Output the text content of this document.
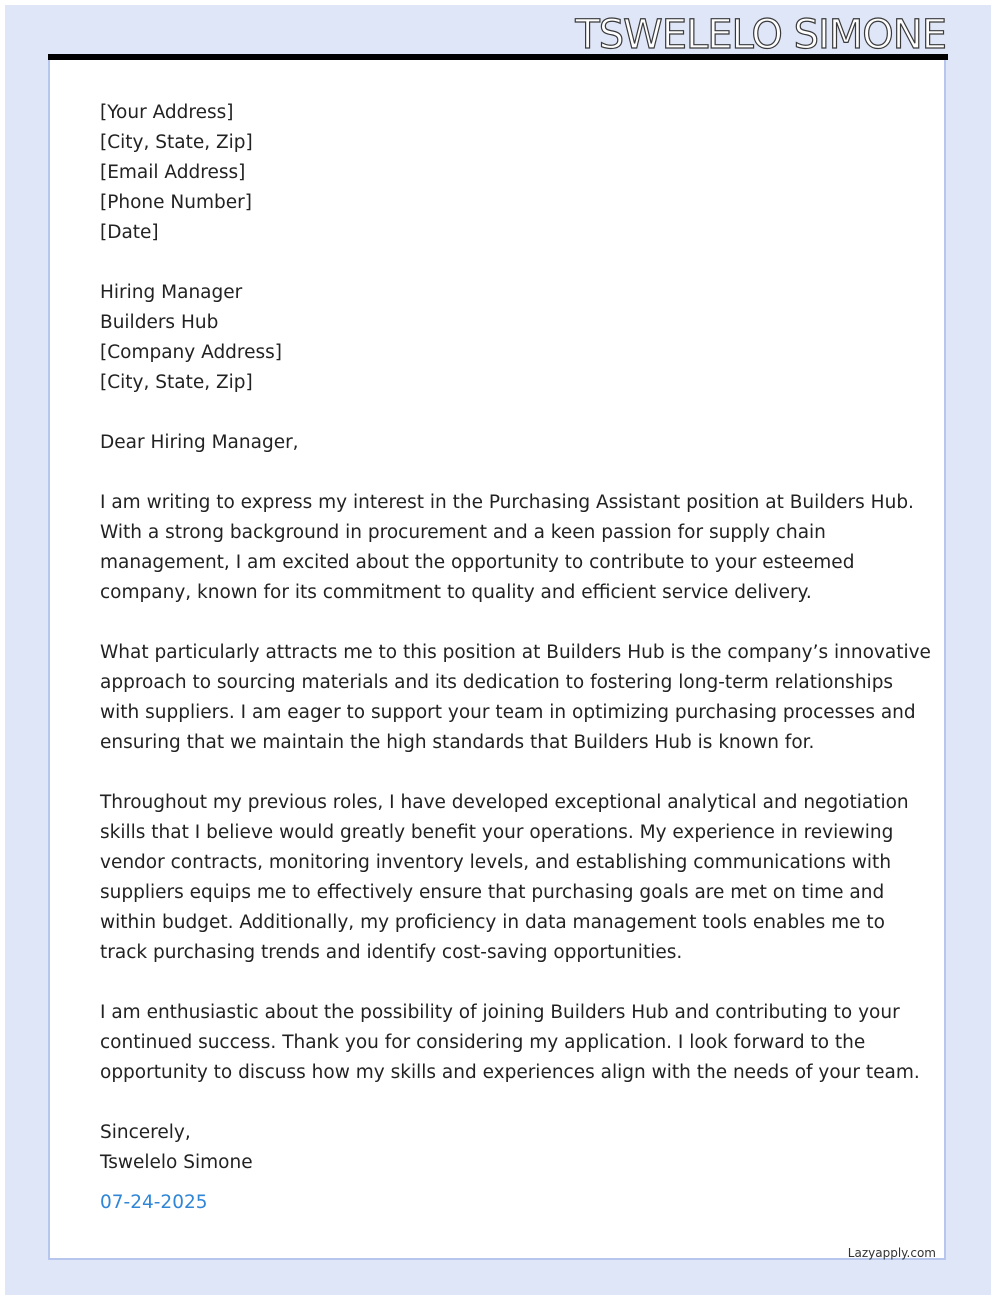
TSWELELO SIMONE
[Your Address]
[City, State, Zip]
[Email Address]
[Phone Number]
[Date]
Hiring Manager
Builders Hub
[Company Address]
[City, State, Zip]
Dear Hiring Manager,
I am writing to express my interest in the Purchasing Assistant position at Builders Hub.
With a strong background in procurement and a keen passion for supply chain
management, I am excited about the opportunity to contribute to your esteemed
company, known for its commitment to quality and efficient service delivery.
What particularly attracts me to this position at Builders Hub is the company’s innovative
approach to sourcing materials and its dedication to fostering long-term relationships
with suppliers. I am eager to support your team in optimizing purchasing processes and
ensuring that we maintain the high standards that Builders Hub is known for.
Throughout my previous roles, I have developed exceptional analytical and negotiation
skills that I believe would greatly benefit your operations. My experience in reviewing
vendor contracts, monitoring inventory levels, and establishing communications with
suppliers equips me to effectively ensure that purchasing goals are met on time and
within budget. Additionally, my proficiency in data management tools enables me to
track purchasing trends and identify cost-saving opportunities.
I am enthusiastic about the possibility of joining Builders Hub and contributing to your
continued success. Thank you for considering my application. I look forward to the
opportunity to discuss how my skills and experiences align with the needs of your team.
Sincerely,
Tswelelo Simone
07-24-2025
Lazyapply.com
